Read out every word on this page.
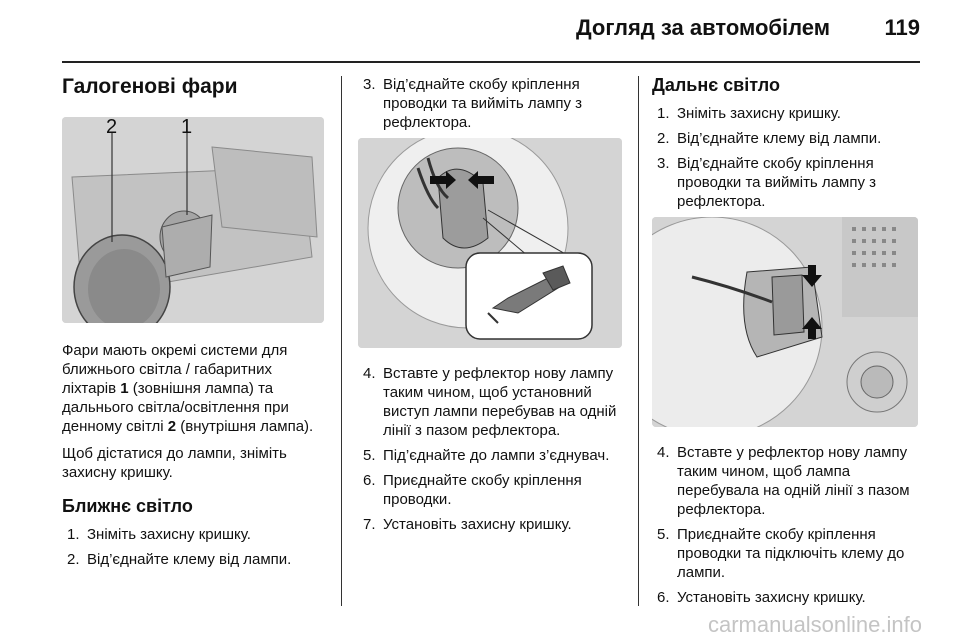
Догляд за автомобілем 119
Галогенові фари
2	1

Фари мають окремі системи для ближнього світла / габаритних ліхтарів 1 (зовнішня лампа) та дальнього світла/освітлення при денному світлі 2 (внутрішня лампа).

Щоб дістатися до лампи, зніміть захисну кришку.

Ближнє світло
1. Зніміть захисну кришку.
2. Від’єднайте клему від лампи.
3. Від’єднайте скобу кріплення проводки та вийміть лампу з рефлектора.
4. Вставте у рефлектор нову лампу таким чином, щоб установний виступ лампи перебував на одній лінії з пазом рефлектора.
5. Під’єднайте до лампи з’єднувач.
6. Приєднайте скобу кріплення проводки.
7. Установіть захисну кришку.
Дальнє світло
1. Зніміть захисну кришку.
2. Від’єднайте клему від лампи.
3. Від’єднайте скобу кріплення проводки та вийміть лампу з рефлектора.
4. Вставте у рефлектор нову лампу таким чином, щоб лампа перебувала на одній лінії з пазом рефлектора.
5. Приєднайте скобу кріплення проводки та підключіть клему до лампи.
6. Установіть захисну кришку.
carmanualsonline.info
